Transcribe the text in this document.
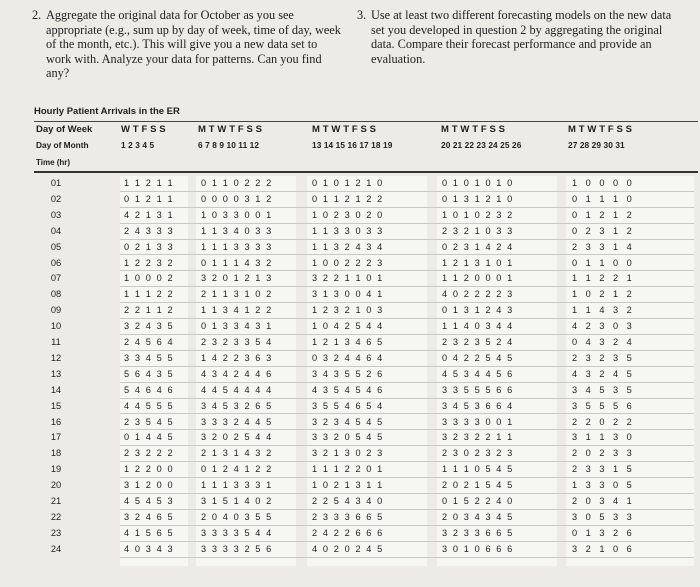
2. Aggregate the original data for October as you see appropriate (e.g., sum up by day of week, time of day, week of the month, etc.). This will give you a new data set to work with. Analyze your data for patterns. Can you find any?
3. Use at least two different forecasting models on the new data set you developed in question 2 by aggregating the original data. Compare their forecast performance and provide an evaluation.
Hourly Patient Arrivals in the ER
Day of Week	W T F S S	M T W T F S S	M T W T F S S	M T W T F S S	M T W T F S S
Day of Month	1 2 3 4 5	6 7 8 9 10 11 12	13 14 15 16 17 18 19	20 21 22 23 24 25 26	27 28 29 30 31
Time (hr)
01	1 1 2 1 1	0 1 1 0 2 2 2	0 1 0 1 2 1 0	0 1 0 1 0 1 0	1 0 0 0 0
02	0 1 2 1 1	0 0 0 0 3 1 2	0 1 1 2 1 2 2	0 1 3 1 2 1 0	0 1 1 1 0
03	4 2 1 3 1	1 0 3 3 0 0 1	1 0 2 3 0 2 0	1 0 1 0 2 3 2	0 1 2 1 2
04	2 4 3 3 3	1 1 3 4 0 3 3	1 1 3 3 0 3 3	2 3 2 1 0 3 3	0 2 3 1 2
05	0 2 1 3 3	1 1 1 3 3 3 3	1 1 3 2 4 3 4	0 2 3 1 4 2 4	2 3 3 1 4
06	1 2 2 3 2	0 1 1 1 4 3 2	1 0 0 2 2 2 3	1 2 1 3 1 0 1	0 1 1 0 0
07	1 0 0 0 2	3 2 0 1 2 1 3	3 2 2 1 1 0 1	1 1 2 0 0 0 1	1 1 2 2 1
08	1 1 1 2 2	2 1 1 3 1 0 2	3 1 3 0 0 4 1	4 0 2 2 2 2 3	1 0 2 1 2
09	2 2 1 1 2	1 1 3 4 1 2 2	1 2 3 2 1 0 3	0 1 3 1 2 4 3	1 1 4 3 2
10	3 2 4 3 5	0 1 3 3 4 3 1	1 0 4 2 5 4 4	1 1 4 0 3 4 4	4 2 3 0 3
11	2 4 5 6 4	2 3 2 3 3 5 4	1 2 1 3 4 6 5	2 3 2 3 5 2 4	0 4 3 2 4
12	3 3 4 5 5	1 4 2 2 3 6 3	0 3 2 4 4 6 4	0 4 2 2 5 4 5	2 3 2 3 5
13	5 6 4 3 5	4 3 4 2 4 4 6	3 4 3 5 5 2 6	4 5 3 4 4 5 6	4 3 2 4 5
14	5 4 6 4 6	4 4 5 4 4 4 4	4 3 5 4 5 4 6	3 3 5 5 5 6 6	3 4 5 3 5
15	4 4 5 5 5	3 4 5 3 2 6 5	3 5 5 4 6 5 4	3 4 5 3 6 6 4	3 5 5 5 6
16	2 3 5 4 5	3 3 3 2 4 4 5	3 2 3 4 5 4 5	3 3 3 3 0 0 1	2 2 0 2 2
17	0 1 4 4 5	3 2 0 2 5 4 4	3 3 2 0 5 4 5	3 2 3 2 2 1 1	3 1 1 3 0
18	2 3 2 2 2	2 1 3 1 4 3 2	3 2 1 3 0 2 3	2 3 0 2 3 2 3	2 0 2 3 3
19	1 2 2 0 0	0 1 2 4 1 2 2	1 1 1 2 2 0 1	1 1 1 0 5 4 5	2 3 3 1 5
20	3 1 2 0 0	1 1 1 3 3 3 1	1 0 2 1 3 1 1	2 0 2 1 5 4 5	1 3 3 0 5
21	4 5 4 5 3	3 1 5 1 4 0 2	2 2 5 4 3 4 0	0 1 5 2 2 4 0	2 0 3 4 1
22	3 2 4 6 5	2 0 4 0 3 5 5	2 3 3 3 6 6 5	2 0 3 4 3 4 5	3 0 5 3 3
23	4 1 5 6 5	3 3 3 3 5 4 4	2 4 2 2 6 6 6	3 2 3 3 6 6 5	0 1 3 2 6
24	4 0 3 4 3	3 3 3 3 2 5 6	4 0 2 0 2 4 5	3 0 1 0 6 6 6	3 2 1 0 6
